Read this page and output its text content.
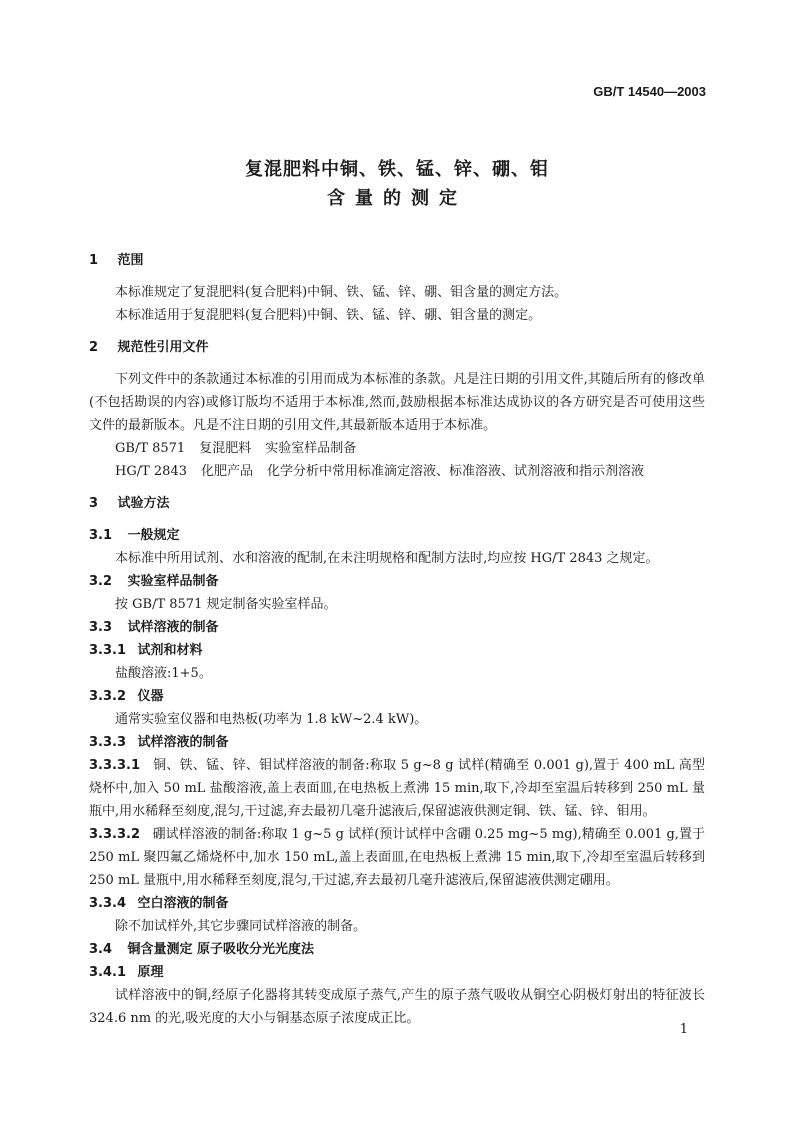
GB/T 14540—2003
复混肥料中铜、铁、锰、锌、硼、钼
含量的测定
1 范围

本标准规定了复混肥料(复合肥料)中铜、铁、锰、锌、硼、钼含量的测定方法。

本标准适用于复混肥料(复合肥料)中铜、铁、锰、锌、硼、钼含量的测定。

2 规范性引用文件

下列文件中的条款通过本标准的引用而成为本标准的条款。凡是注日期的引用文件,其随后所有的修改单(不包括勘误的内容)或修订版均不适用于本标准,然而,鼓励根据本标准达成协议的各方研究是否可使用这些文件的最新版本。凡是不注日期的引用文件,其最新版本适用于本标准。

GB/T 8571 复混肥料 实验室样品制备

HG/T 2843 化肥产品 化学分析中常用标准滴定溶液、标准溶液、试剂溶液和指示剂溶液

3 试验方法
3.1 一般规定

本标准中所用试剂、水和溶液的配制,在未注明规格和配制方法时,均应按 HG/T 2843 之规定。

3.2 实验室样品制备

按 GB/T 8571 规定制备实验室样品。

3.3 试样溶液的制备
3.3.1 试剂和材料

盐酸溶液:1+5。

3.3.2 仪器

通常实验室仪器和电热板(功率为 1.8 kW~2.4 kW)。

3.3.3 试样溶液的制备

3.3.3.1 铜、铁、锰、锌、钼试样溶液的制备:称取 5 g~8 g 试样(精确至 0.001 g),置于 400 mL 高型烧杯中,加入 50 mL 盐酸溶液,盖上表面皿,在电热板上煮沸 15 min,取下,冷却至室温后转移到 250 mL 量瓶中,用水稀释至刻度,混匀,干过滤,弃去最初几毫升滤液后,保留滤液供测定铜、铁、锰、锌、钼用。

3.3.3.2 硼试样溶液的制备:称取 1 g~5 g 试样(预计试样中含硼 0.25 mg~5 mg),精确至 0.001 g,置于 250 mL 聚四氟乙烯烧杯中,加水 150 mL,盖上表面皿,在电热板上煮沸 15 min,取下,冷却至室温后转移到 250 mL 量瓶中,用水稀释至刻度,混匀,干过滤,弃去最初几毫升滤液后,保留滤液供测定硼用。

3.3.4 空白溶液的制备

除不加试样外,其它步骤同试样溶液的制备。

3.4 铜含量测定 原子吸收分光光度法
3.4.1 原理

试样溶液中的铜,经原子化器将其转变成原子蒸气,产生的原子蒸气吸收从铜空心阴极灯射出的特征波长 324.6 nm 的光,吸光度的大小与铜基态原子浓度成正比。

1
